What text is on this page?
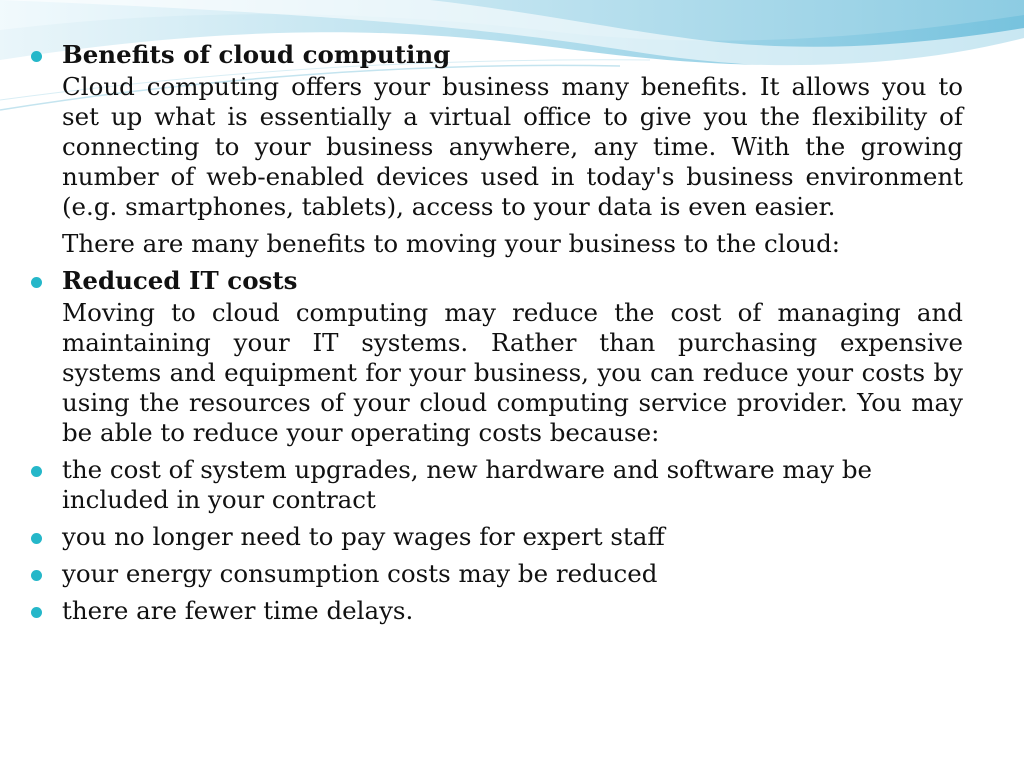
Benefits of cloud computing
Cloud computing offers your business many benefits. It allows you to set up what is essentially a virtual office to give you the flexibility of connecting to your business anywhere, any time. With the growing number of web-enabled devices used in today's business environment (e.g. smartphones, tablets), access to your data is even easier.
There are many benefits to moving your business to the cloud:
Reduced IT costs
Moving to cloud computing may reduce the cost of managing and maintaining your IT systems. Rather than purchasing expensive systems and equipment for your business, you can reduce your costs by using the resources of your cloud computing service provider. You may be able to reduce your operating costs because:
the cost of system upgrades, new hardware and software may be included in your contract
you no longer need to pay wages for expert staff
your energy consumption costs may be reduced
there are fewer time delays.
